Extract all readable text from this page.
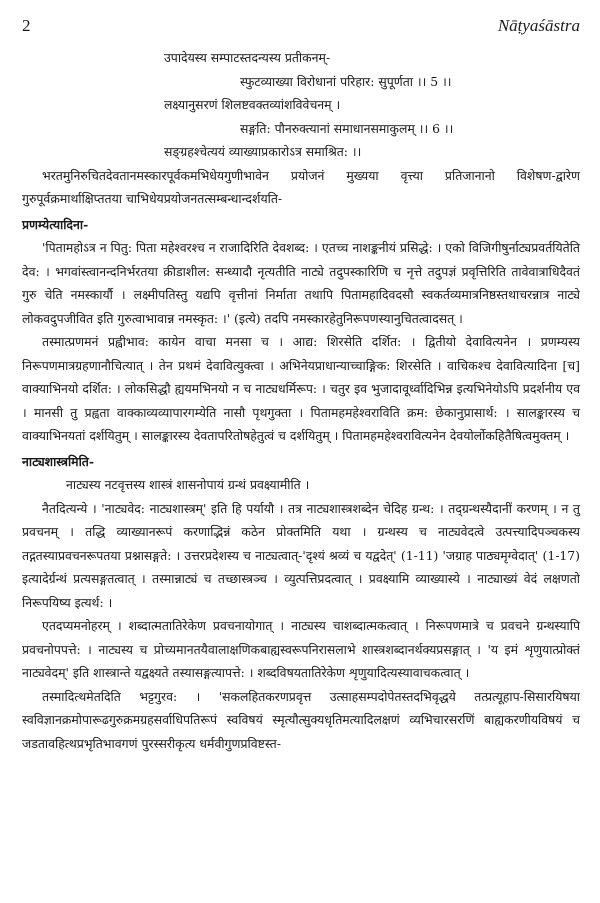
2	Nāṭyaśāstra

उपादेयस्य सम्पाटस्तदन्यस्य प्रतीकनम्-

स्फुटव्याख्या विरोधानां परिहार: सुपूर्णता ।। 5 ।।

लक्ष्यानुसरणं शिलष्टवक्तव्यांशविवेचनम् ।

सङ्गति: पौनरुक्त्यानां समाधानसमाकुलम् ।। 6 ।।

सङ्ग्रहश्चेत्ययं व्याख्याप्रकारोऽत्र समाश्रित: ।।

भरतमुनिरुचितदेवतानमस्कारपूर्वकमभिधेयगुणीभावेन प्रयोजनं मुख्यया वृत्त्या प्रतिजानानो विशेषण-द्वारेण गुरुपूर्वक्रमार्थाक्षिप्ततया चाभिधेयप्रयोजनतत्सम्बन्धान्दर्शयति-

प्रणम्येत्यादिना-

'पितामहोऽत्र न पितु: पिता महेश्वरश्च न राजादिरिति देवशब्द: । एतच्च नाशङ्कनीयं प्रसिद्धे: । एको विजिगीषुर्नाट्यप्रवर्तयितेति देव: । भगवांस्त्वानन्दनिर्भरतया क्रीडाशील: सन्ध्यादौ नृत्यतीति नाट्ये तदुपस्कारिणि च नृत्ते तदुपज्ञं प्रवृत्तिरिति तावेवात्राधिदैवतं गुरु चेति नमस्कार्यौ । लक्ष्मीपतिस्तु यद्यपि वृत्तीनां निर्माता तथापि पितामहादिवदसौ स्वकर्तव्यमात्रनिष्ठस्तथाचरन्नात्र नाट्ये लोकवदुपजीवित इति गुरुत्वाभावान्न नमस्कृत: ।' (इत्ये) तदपि नमस्कारहेतुनिरूपणस्यानुचितत्वादसत् ।

तस्मात्प्रणमनं प्रह्वीभाव: कायेन वाचा मनसा च । आद्य: शिरसेति दर्शित: । द्वितीयो देवावित्यनेन । प्रणम्यस्य निरूपणमात्रग्रहणानौचित्यात् । तेन प्रथमं देवावित्युक्त्वा । अभिनेयप्राधान्याच्चाङ्गिक: शिरसेति । वाचिकश्च देवावित्यादिना [च] वाक्याभिनयो दर्शित: । लोकसिद्धौ ह्ययमभिनयो न च नाट्यधर्मिरूप: । चतुर इव भुजादावूर्ध्वादिभिन्न इत्यभिनेयोऽपि प्रदर्शनीय एव । मानसी तु प्रह्वता वाक्काव्यव्यापारगम्येति नासौ पृथगुक्ता । पितामहमहेश्वराविति क्रम: छेकानुप्रासार्थ: । सालङ्कारस्य च वाक्याभिनयतां दर्शयितुम् । सालङ्कारस्य देवतापरितोषहेतुत्वं च दर्शयितुम् । पितामहमहेश्वरावित्यनेन देवयोर्लोकहितैषित्वमुक्तम् ।

नाट्यशास्त्रमिति-

नाट्यस्य नटवृत्तस्य शास्त्रं शासनोपायं ग्रन्थं प्रवक्ष्यामीति ।

नैतदित्यन्ये । 'नाट्यवेद: नाट्यशास्त्रम्' इति हि पर्यायौ । तत्र नाट्यशास्त्रशब्देन चेदिह ग्रन्थ: । तद्ग्रन्थस्यैदानीं करणम् । न तु प्रवचनम् । तद्धि व्याख्यानरूपं करणाद्भिन्नं कठेन प्रोक्तमिति यथा । ग्रन्थस्य च नाट्यवेदत्वे उत्पत्त्यादिपञ्चकस्य तद्गतस्याप्रवचनरूपतया प्रश्नासङ्गते: । उत्तरप्रदेशस्य च नाट्यत्वात्-'दृश्यं श्रव्यं च यद्वदेत्' (1-11) 'जग्राह पाठ्यमृग्वेदात्' (1-17) इत्यादेर्ग्रन्थं प्रत्यसङ्गतत्वात् । तस्मान्नाट्यं च तच्छास्त्रञ्च । व्युत्पत्तिप्रदत्वात् । प्रवक्ष्यामि व्याख्यास्ये । नाट्याख्यं वेदं लक्षणतो निरूपयिष्य इत्यर्थ: ।

एतदप्यमनोहरम् । शब्दात्मतातिरेकेण प्रवचनायोगात् । नाट्यस्य चाशब्दात्मकत्वात् । निरूपणमात्रे च प्रवचने ग्रन्थस्यापि प्रवचनोपपत्ते: । नाट्यस्य च प्रोच्यमानतयैवालाक्षणिकबाह्यस्वरूपनिरासलाभे शास्त्रशब्दानर्थक्यप्रसङ्गात् । 'य इमं शृणुयात्प्रोक्तं नाट्यवेदम्' इति शास्त्रान्ते यद्वक्ष्यते तस्यासङ्गत्यापत्ते: । शब्दविषयतातिरेकेण शृणुयादित्यस्यावाचकत्वात् ।

तस्मादित्थमेतदिति भट्टगुरव: । 'सकलहितकरणप्रवृत्त उत्साहसम्पदोपेतस्तदभिवृद्धये तत्प्रत्यूहाप-सिसारयिषया स्वविज्ञानक्रमोपारूढगुरुक्रमग्रहसर्वाधिपतिरूपं स्वविषयं स्मृत्यौत्सुक्यधृतिमत्यादिलक्षणं व्यभिचारसरणिं बाह्यकरणीयविषयं च जडतावहित्थप्रभृतिभावगणं पुरस्सरीकृत्य धर्मवीगुणप्रविष्टस्त-
